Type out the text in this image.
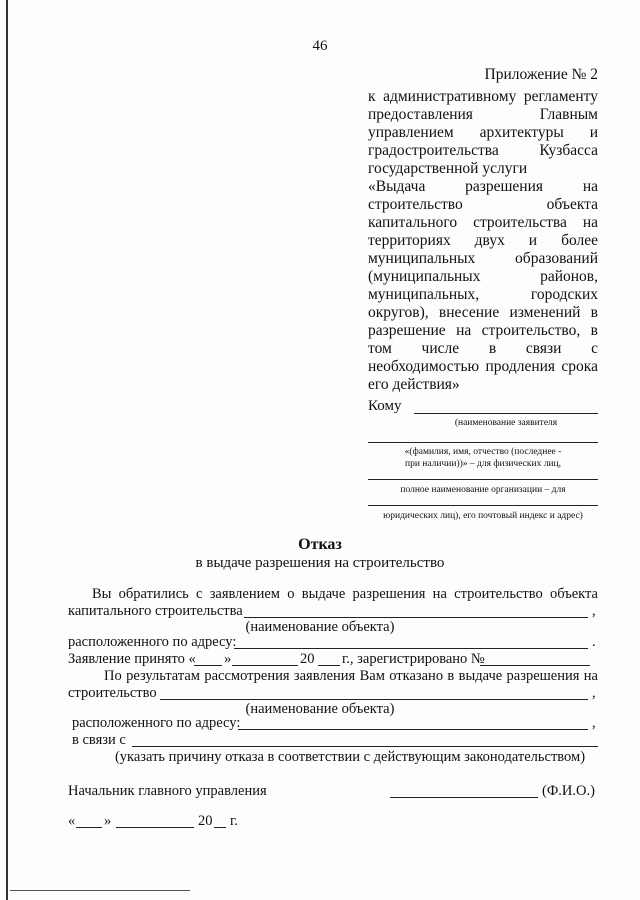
46
Приложение № 2
к административному регламенту
предоставления Главным
управлением архитектуры и
градостроительства Кузбасса
государственной услуги
«Выдача разрешения на
строительство объекта
капитального строительства на
территориях двух и более
муниципальных образований
(муниципальных районов,
муниципальных, городских
округов), внесение изменений в
разрешение на строительство, в
том числе в связи с
необходимостью продления срока
его действия»
Кому
(наименование заявителя
«(фамилия, имя, отчество (последнее -
при наличии))» – для физических лиц,
полное наименование организации – для
юридических лиц), его почтовый индекс и адрес)
Отказ
в выдаче разрешения на строительство
Вы обратились с заявлением о выдаче разрешения на строительство объекта
капитального строительства	,
(наименование объекта)
расположенного по адресу:	.
Заявление принято « »	20 г., зарегистрировано №
По результатам рассмотрения заявления Вам отказано в выдаче разрешения на
строительство	,
(наименование объекта)
расположенного по адресу:	,
в связи с
(указать причину отказа в соответствии с действующим законодательством)
Начальник главного управления	(Ф.И.О.)
« »	20 г.
